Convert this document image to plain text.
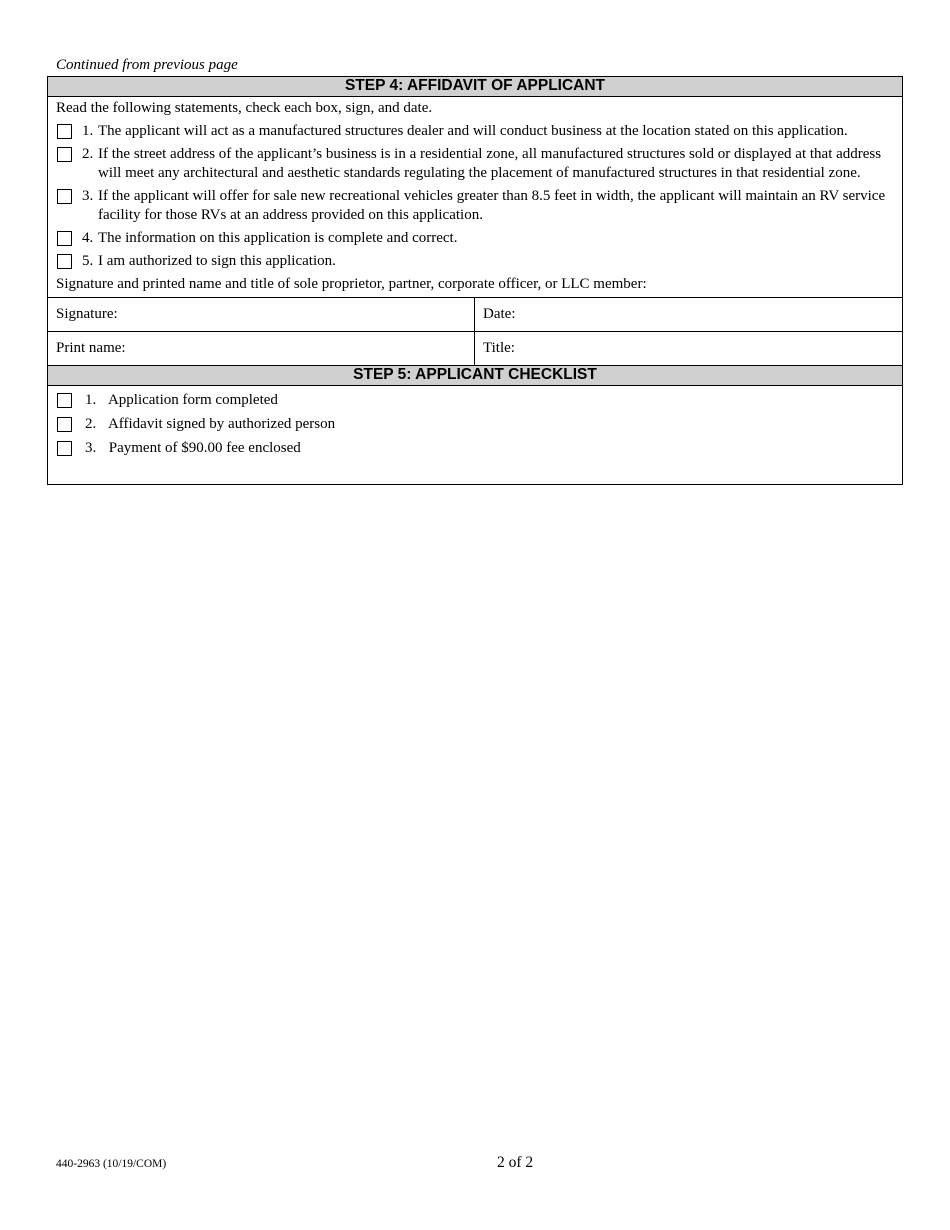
Continued from previous page
STEP 4: AFFIDAVIT OF APPLICANT
Read the following statements, check each box, sign, and date.
1. The applicant will act as a manufactured structures dealer and will conduct business at the location stated on this application.
2. If the street address of the applicant’s business is in a residential zone, all manufactured structures sold or displayed at that address will meet any architectural and aesthetic standards regulating the placement of manufactured structures in that residential zone.
3. If the applicant will offer for sale new recreational vehicles greater than 8.5 feet in width, the applicant will maintain an RV service facility for those RVs at an address provided on this application.
4. The information on this application is complete and correct.
5. I am authorized to sign this application.
Signature and printed name and title of sole proprietor, partner, corporate officer, or LLC member:
Signature:	Date:
Print name:	Title:
STEP 5: APPLICANT CHECKLIST
1. Application form completed
2. Affidavit signed by authorized person
3. Payment of $90.00 fee enclosed
440-2963 (10/19/COM)	2 of 2
